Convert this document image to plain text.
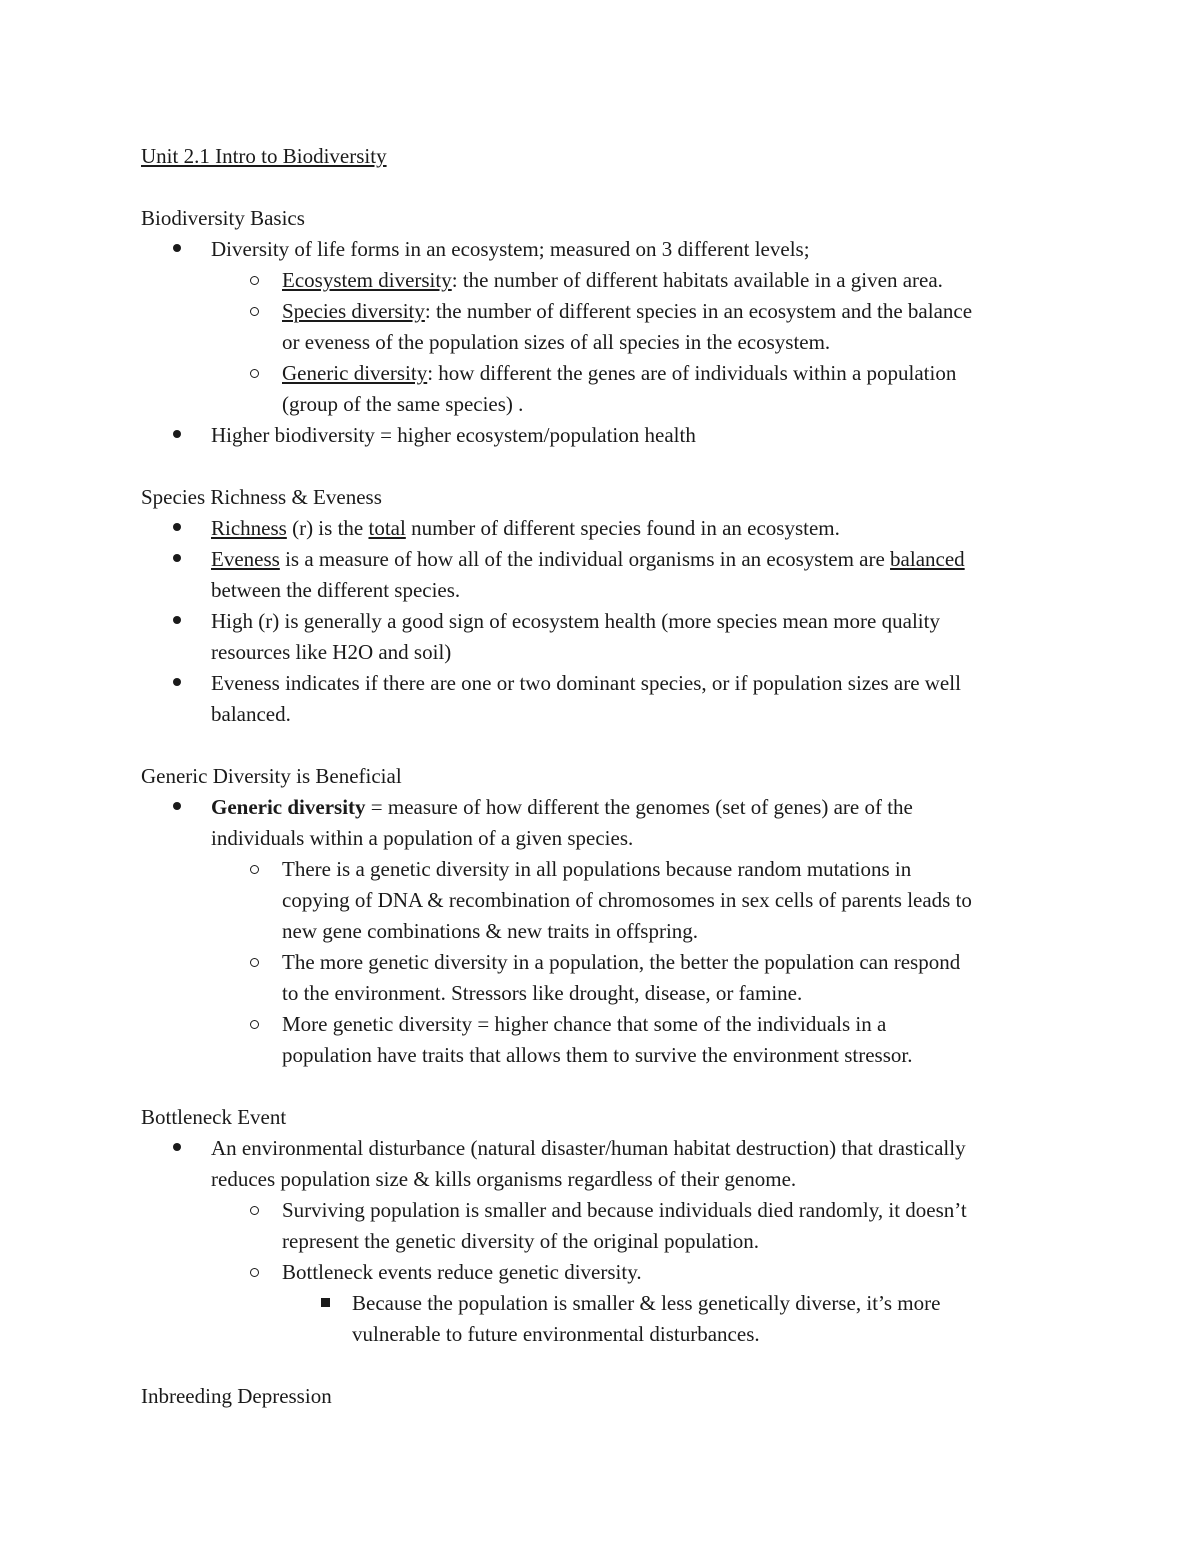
Unit 2.1 Intro to Biodiversity
Biodiversity Basics
Diversity of life forms in an ecosystem; measured on 3 different levels;
Ecosystem diversity: the number of different habitats available in a given area.
Species diversity: the number of different species in an ecosystem and the balance
or eveness of the population sizes of all species in the ecosystem.
Generic diversity: how different the genes are of individuals within a population
(group of the same species) .
Higher biodiversity = higher ecosystem/population health
Species Richness & Eveness
Richness (r) is the total number of different species found in an ecosystem.
Eveness is a measure of how all of the individual organisms in an ecosystem are balanced
between the different species.
High (r) is generally a good sign of ecosystem health (more species mean more quality
resources like H2O and soil)
Eveness indicates if there are one or two dominant species, or if population sizes are well
balanced.
Generic Diversity is Beneficial
Generic diversity = measure of how different the genomes (set of genes) are of the
individuals within a population of a given species.
There is a genetic diversity in all populations because random mutations in
copying of DNA & recombination of chromosomes in sex cells of parents leads to
new gene combinations & new traits in offspring.
The more genetic diversity in a population, the better the population can respond
to the environment. Stressors like drought, disease, or famine.
More genetic diversity = higher chance that some of the individuals in a
population have traits that allows them to survive the environment stressor.
Bottleneck Event
An environmental disturbance (natural disaster/human habitat destruction) that drastically
reduces population size & kills organisms regardless of their genome.
Surviving population is smaller and because individuals died randomly, it doesn’t
represent the genetic diversity of the original population.
Bottleneck events reduce genetic diversity.
Because the population is smaller & less genetically diverse, it’s more
vulnerable to future environmental disturbances.
Inbreeding Depression
